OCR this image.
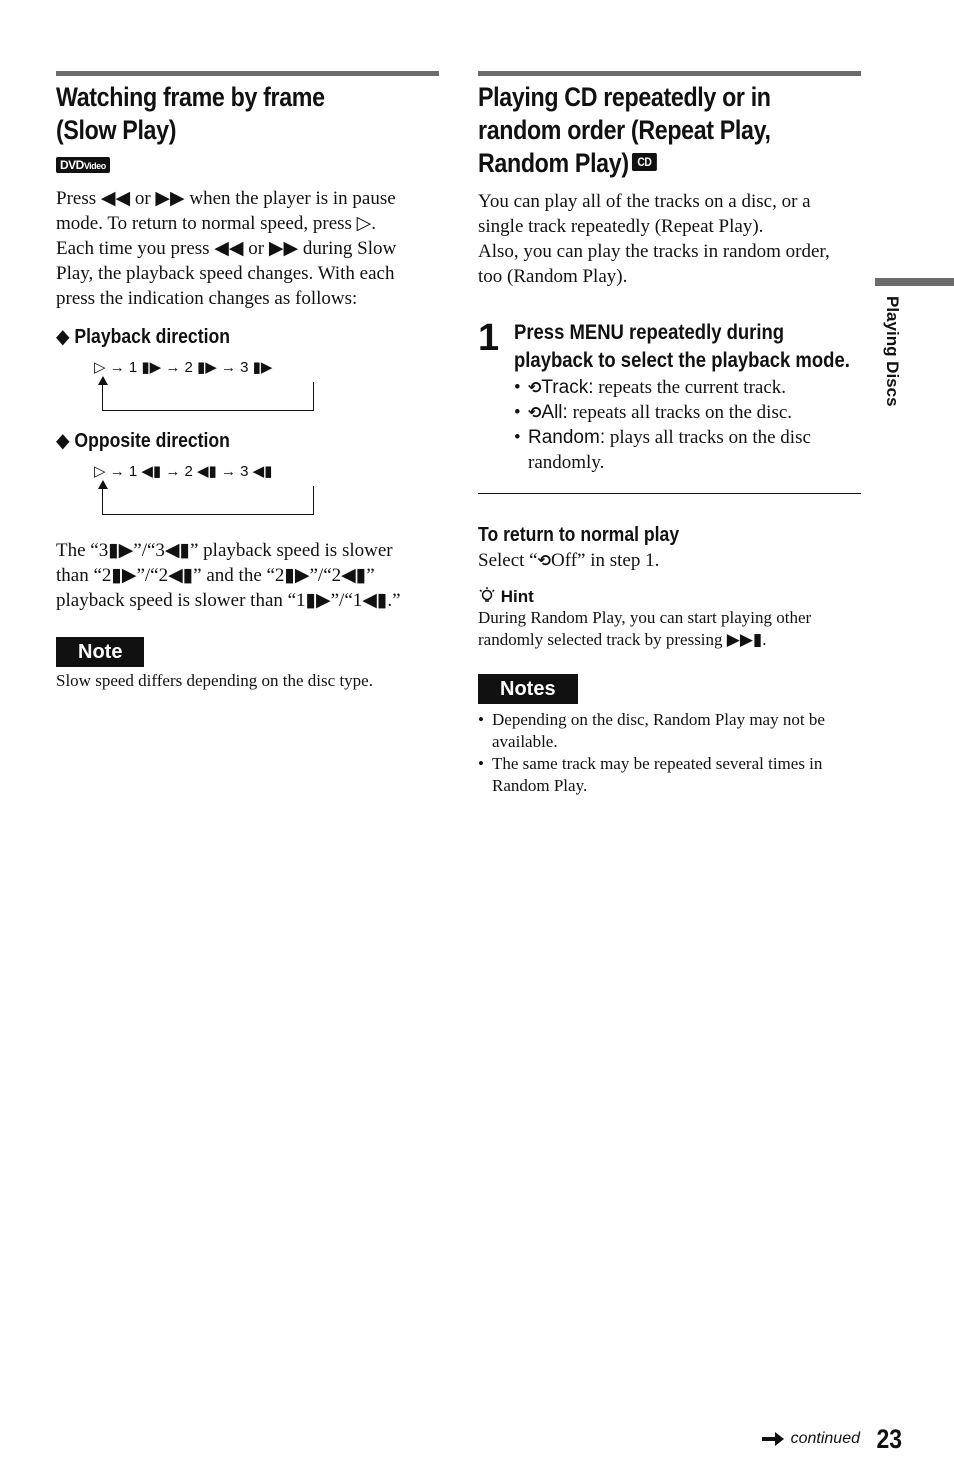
Watching frame by frame
(Slow Play)
DVDVideo

Press ◀◀ or ▶▶ when the player is in pause

mode. To return to normal speed, press ▷.

Each time you press ◀◀ or ▶▶ during Slow

Play, the playback speed changes. With each

press the indication changes as follows:

◆ Playback direction
▷ → 1 ▮▶ → 2 ▮▶ → 3 ▮▶
◆ Opposite direction
▷ → 1 ◀▮ → 2 ◀▮ → 3 ◀▮

The “3▮▶”/“3◀▮” playback speed is slower

than “2▮▶”/“2◀▮” and the “2▮▶”/“2◀▮”

playback speed is slower than “1▮▶”/“1◀▮.”

Note

Slow speed differs depending on the disc type.

Playing CD repeatedly or in
random order (Repeat Play,
Random Play) CD

You can play all of the tracks on a disc, or a

single track repeatedly (Repeat Play).

Also, you can play the tracks in random order,

too (Random Play).

1 Press MENU repeatedly during
playback to select the playback mode.
• ⟲Track: repeats the current track.
• ⟲All: repeats all tracks on the disc.
• Random: plays all tracks on the disc
randomly.
To return to normal play

Select “⟲Off” in step 1.

Hint

During Random Play, you can start playing other

randomly selected track by pressing ▶▶▮.

Notes
• Depending on the disc, Random Play may not be
available.
• The same track may be repeated several times in
Random Play.
Playing Discs
continued 23
